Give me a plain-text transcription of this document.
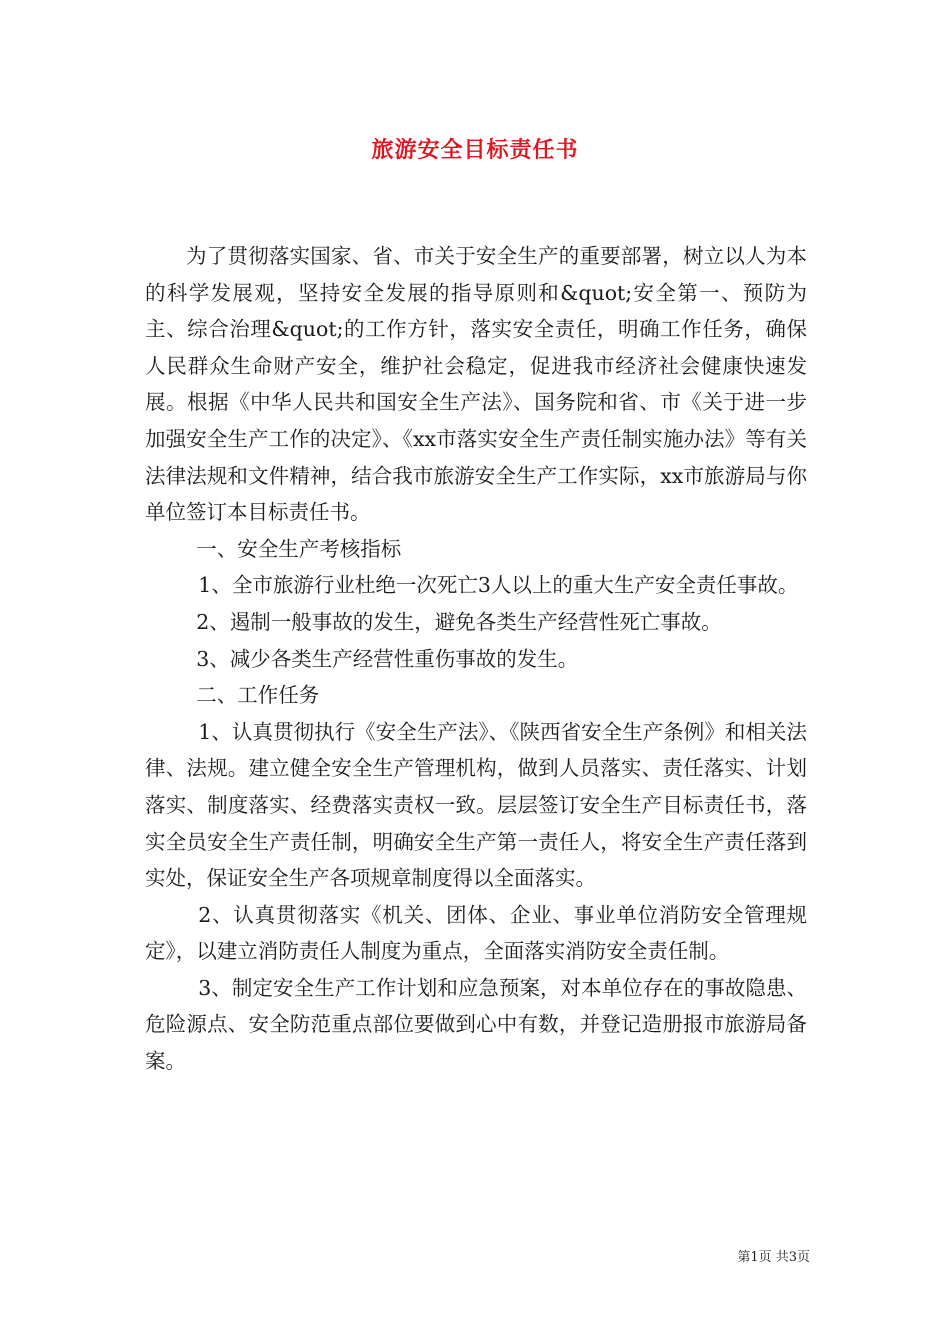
旅游安全目标责任书

为了贯彻落实国家、省、市关于安全生产的重要部署，树立以人为本的科学发展观，坚持安全发展的指导原则和&quot;安全第一、预防为主、综合治理&quot;的工作方针，落实安全责任，明确工作任务，确保人民群众生命财产安全，维护社会稳定，促进我市经济社会健康快速发展。根据《中华人民共和国安全生产法》、国务院和省、市《关于进一步加强安全生产工作的决定》、《xx市落实安全生产责任制实施办法》等有关法律法规和文件精神，结合我市旅游安全生产工作实际，xx市旅游局与你单位签订本目标责任书。

一、安全生产考核指标

1、全市旅游行业杜绝一次死亡3人以上的重大生产安全责任事故。

2、遏制一般事故的发生，避免各类生产经营性死亡事故。

3、减少各类生产经营性重伤事故的发生。

二、工作任务

1、认真贯彻执行《安全生产法》、《陕西省安全生产条例》和相关法律、法规。建立健全安全生产管理机构，做到人员落实、责任落实、计划落实、制度落实、经费落实责权一致。层层签订安全生产目标责任书，落实全员安全生产责任制，明确安全生产第一责任人，将安全生产责任落到实处，保证安全生产各项规章制度得以全面落实。

2、认真贯彻落实《机关、团体、企业、事业单位消防安全管理规定》，以建立消防责任人制度为重点，全面落实消防安全责任制。

3、制定安全生产工作计划和应急预案，对本单位存在的事故隐患、危险源点、安全防范重点部位要做到心中有数，并登记造册报市旅游局备案。

第1页 共3页
